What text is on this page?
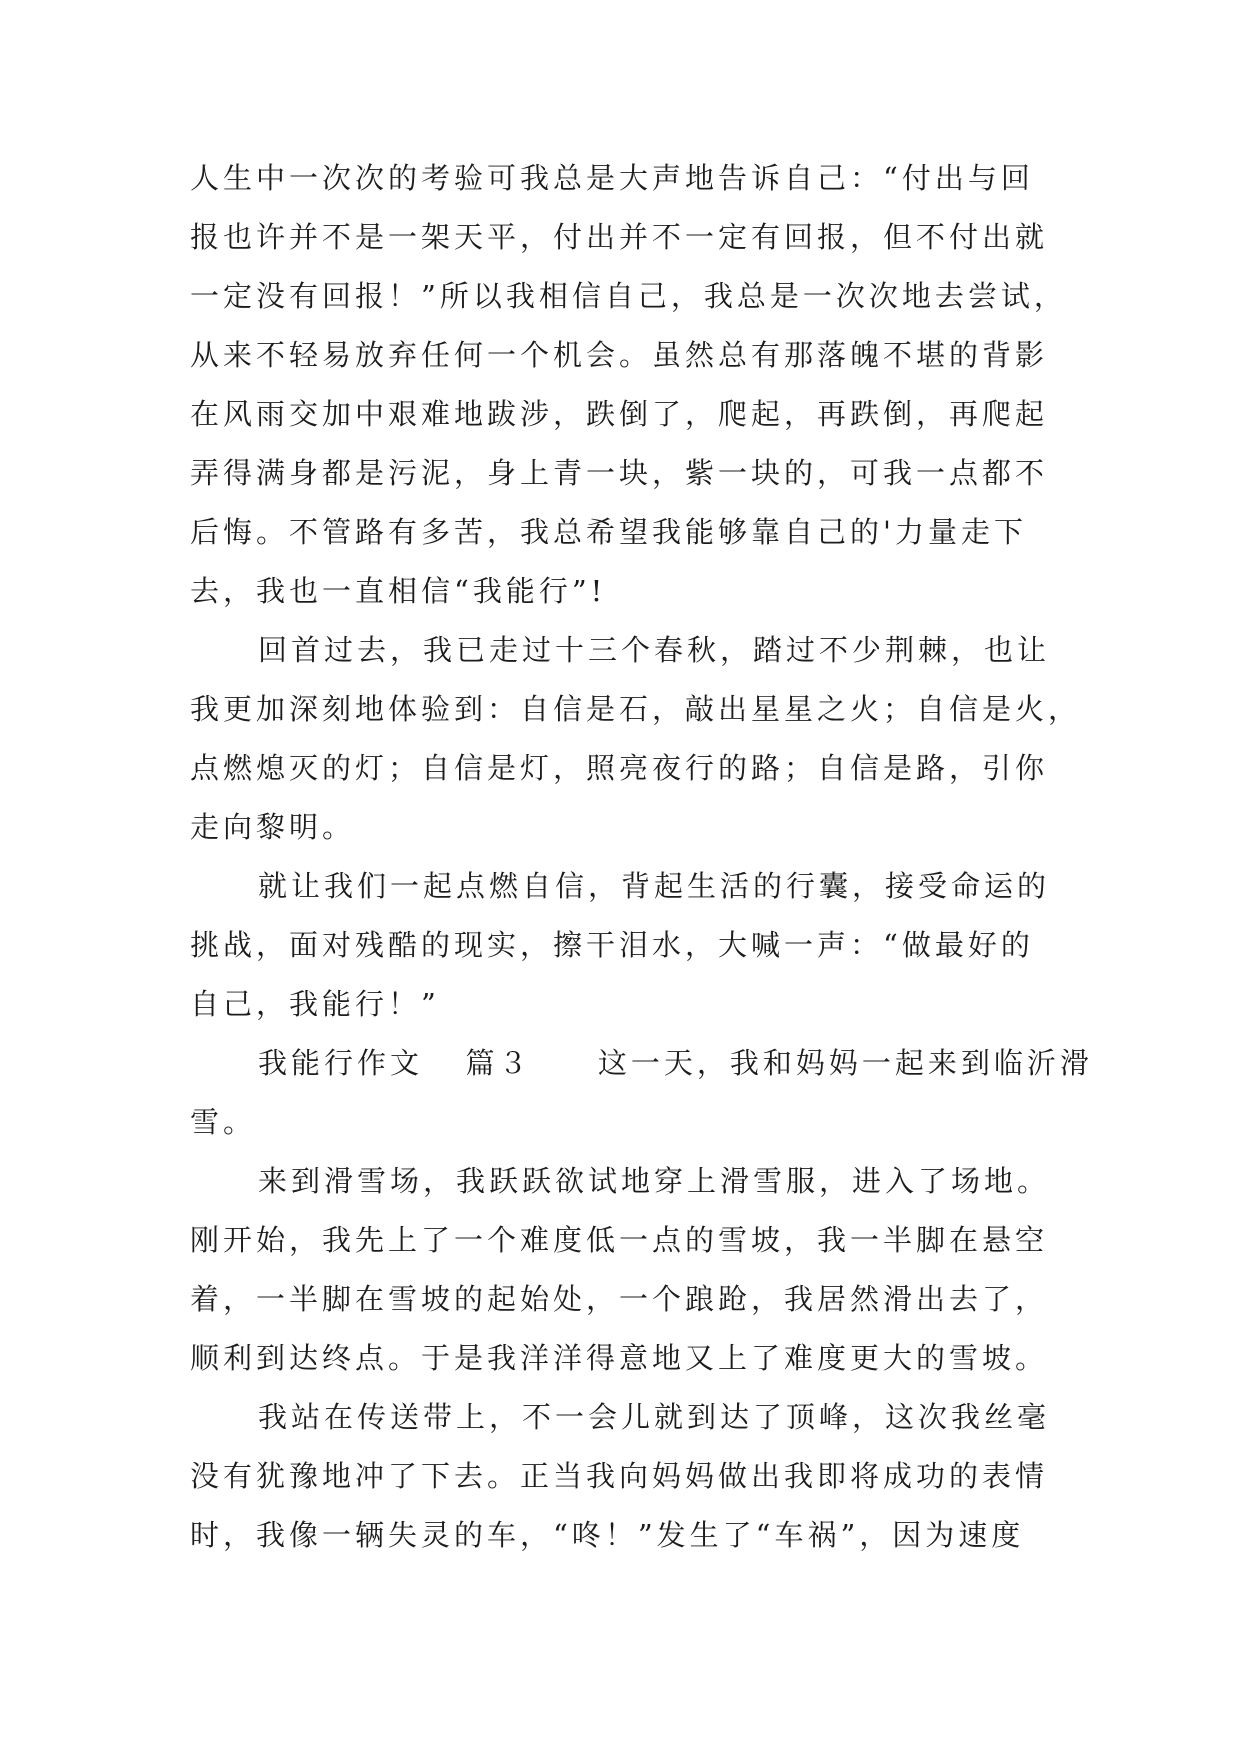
人生中一次次的考验可我总是大声地告诉自己：“付出与回
报也许并不是一架天平，付出并不一定有回报，但不付出就
一定没有回报！”所以我相信自己，我总是一次次地去尝试，
从来不轻易放弃任何一个机会。虽然总有那落魄不堪的背影
在风雨交加中艰难地跋涉，跌倒了，爬起，再跌倒，再爬起
弄得满身都是污泥，身上青一块，紫一块的，可我一点都不
后悔。不管路有多苦，我总希望我能够靠自己的'力量走下
去，我也一直相信“我能行”!
回首过去，我已走过十三个春秋，踏过不少荆棘，也让
我更加深刻地体验到：自信是石，敲出星星之火；自信是火，
点燃熄灭的灯；自信是灯，照亮夜行的路；自信是路，引你
走向黎明。
就让我们一起点燃自信，背起生活的行囊，接受命运的
挑战，面对残酷的现实，擦干泪水，大喊一声：“做最好的
自己，我能行！”
我能行作文 篇３ 这一天，我和妈妈一起来到临沂滑
雪。
来到滑雪场，我跃跃欲试地穿上滑雪服，进入了场地。
刚开始，我先上了一个难度低一点的雪坡，我一半脚在悬空
着，一半脚在雪坡的起始处，一个踉跄，我居然滑出去了，
顺利到达终点。于是我洋洋得意地又上了难度更大的雪坡。
我站在传送带上，不一会儿就到达了顶峰，这次我丝毫
没有犹豫地冲了下去。正当我向妈妈做出我即将成功的表情
时，我像一辆失灵的车，“咚！”发生了“车祸”，因为速度
